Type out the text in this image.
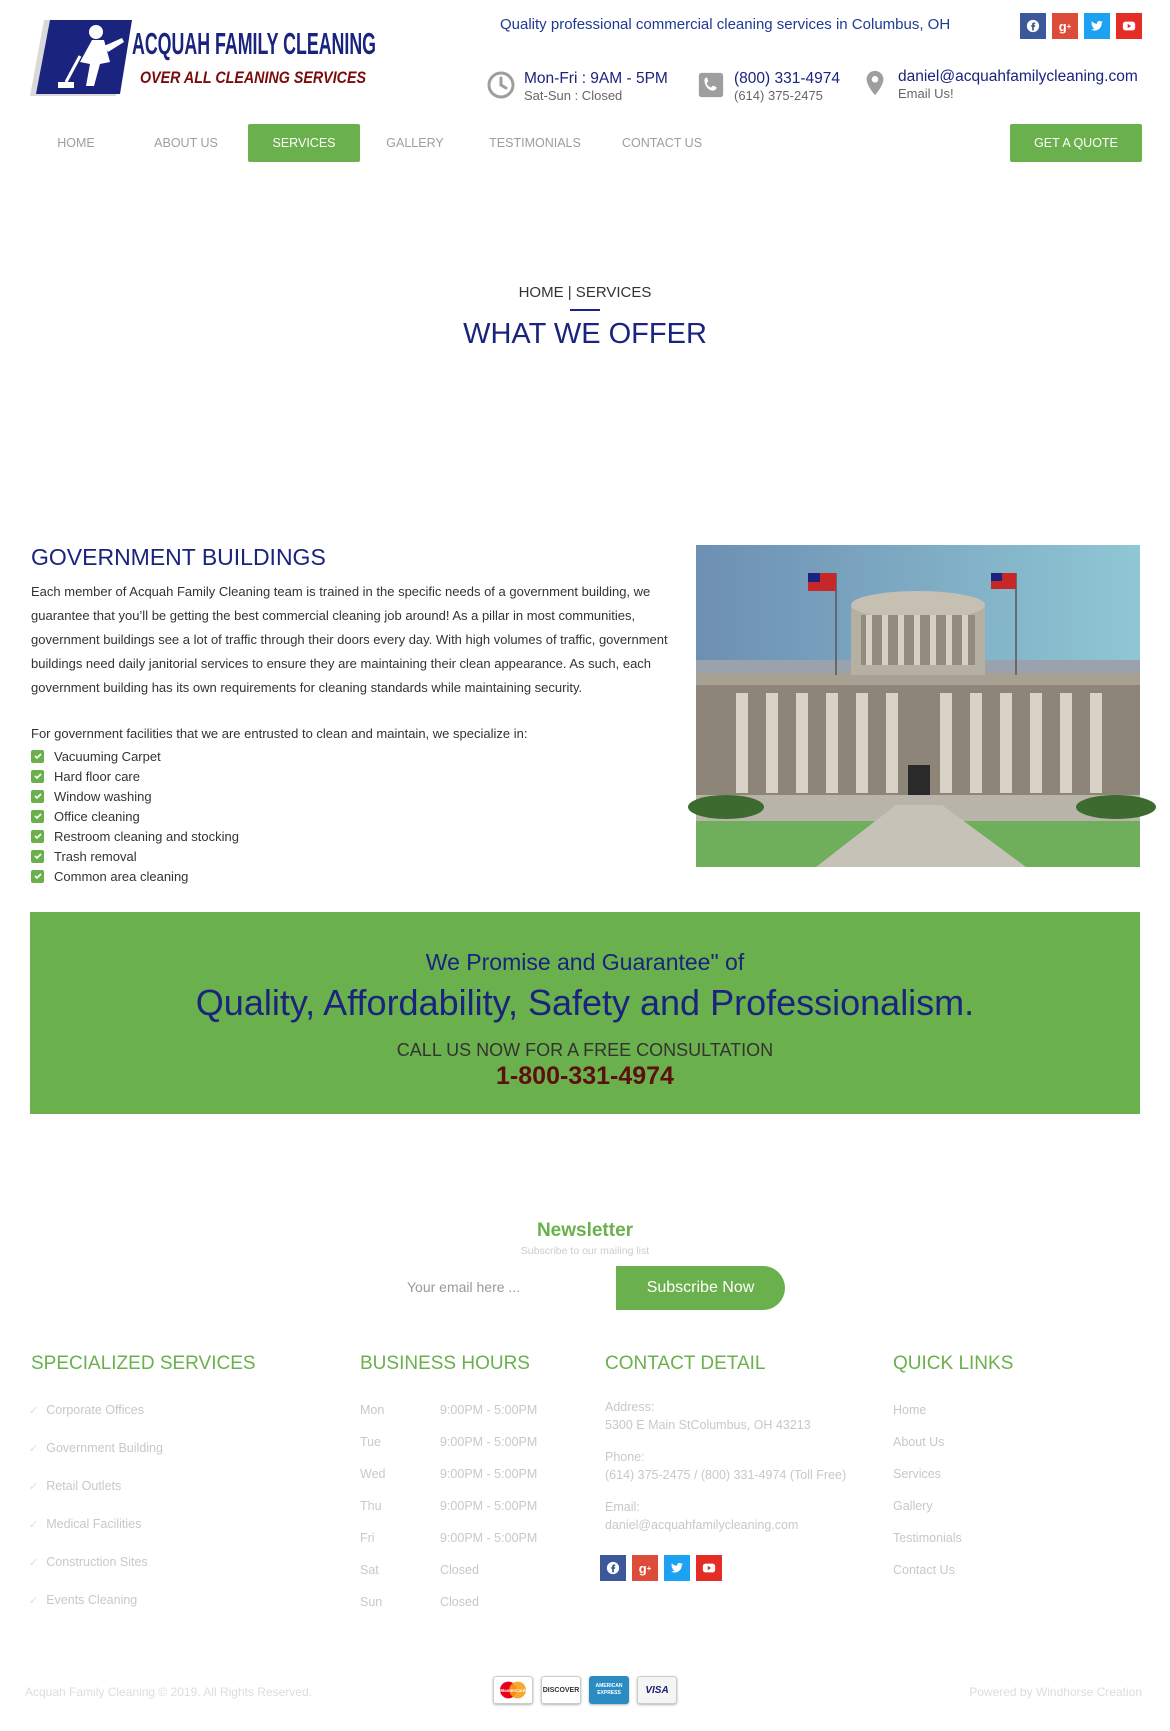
ACQUAH FAMILY CLEANING
OVER ALL CLEANING SERVICES
Quality professional commercial cleaning services in Columbus, OH	g +
Mon-Fri : 9AM - 5PM
Sat-Sun : Closed
(800) 331-4974
(614) 375-2475
daniel@acquahfamilycleaning.com
Email Us!
HOME	ABOUT US	SERVICES	GALLERY	TESTIMONIALS	CONTACT US	GET A QUOTE
HOME | SERVICES
WHAT WE OFFER
GOVERNMENT BUILDINGS

Each member of Acquah Family Cleaning team is trained in the specific needs of a government building, we guarantee that you’ll be getting the best commercial cleaning job around! As a pillar in most communities, government buildings see a lot of traffic through their doors every day. With high volumes of traffic, government buildings need daily janitorial services to ensure they are maintaining their clean appearance. As such, each government building has its own requirements for cleaning standards while maintaining security.

For government facilities that we are entrusted to clean and maintain, we specialize in:

Vacuuming Carpet
Hard floor care
Window washing
Office cleaning
Restroom cleaning and stocking
Trash removal
Common area cleaning
We Promise and Guarantee" of
Quality, Affordability, Safety and Professionalism.
CALL US NOW FOR A FREE CONSULTATION
1-800-331-4974
Newsletter
Subscribe to our mailing list
Your email here ...
Subscribe Now
SPECIALIZED SERVICES	BUSINESS HOURS	CONTACT DETAIL	QUICK LINKS
✓ Corporate Offices
✓ Government Building
✓ Retail Outlets
✓ Medical Facilities
✓ Construction Sites
✓ Events Cleaning
Mon	9:00PM - 5:00PM
Tue	9:00PM - 5:00PM
Wed	9:00PM - 5:00PM
Thu	9:00PM - 5:00PM
Fri	9:00PM - 5:00PM
Sat	Closed
Sun	Closed
Address:
5300 E Main StColumbus, OH 43213
Phone:
(614) 375-2475 / (800) 331-4974 (Toll Free)
Email:
daniel@acquahfamilycleaning.com
g +
Home
About Us
Services
Gallery
Testimonials
Contact Us
Acquah Family Cleaning © 2019. All Rights Reserved.	MasterCard DISCOVER
AMERICAN EXPRESS	VISA	Powered by Windhorse Creation
